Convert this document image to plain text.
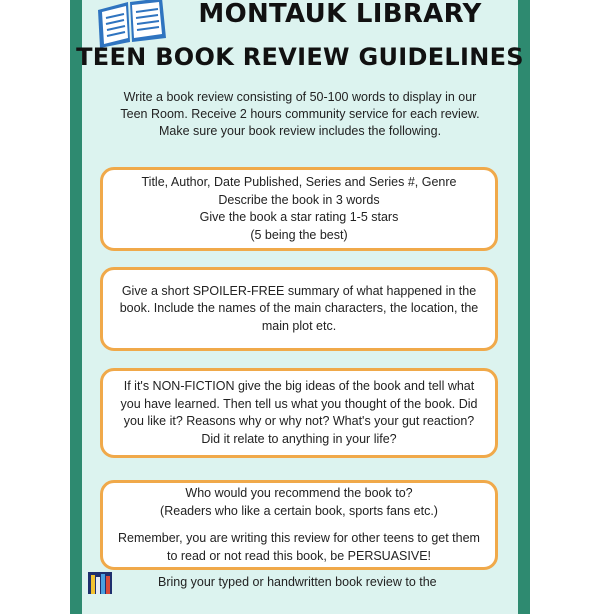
MONTAUK LIBRARY
TEEN BOOK REVIEW GUIDELINES
Write a book review consisting of 50-100 words to display in our
Teen Room. Receive 2 hours community service for each review.
Make sure your book review includes the following.

Title, Author, Date Published, Series and Series #, Genre

Describe the book in 3 words

Give the book a star rating 1-5 stars

(5 being the best)

Give a short SPOILER-FREE summary of what happened in the

book. Include the names of the main characters, the location, the

main plot etc.

If it's NON-FICTION give the big ideas of the book and tell what

you have learned. Then tell us what you thought of the book. Did

you like it? Reasons why or why not? What's your gut reaction?

Did it relate to anything in your life?

Who would you recommend the book to?

(Readers who like a certain book, sports fans etc.)

Remember, you are writing this review for other teens to get them

to read or not read this book, be PERSUASIVE!

Bring your typed or handwritten book review to the
